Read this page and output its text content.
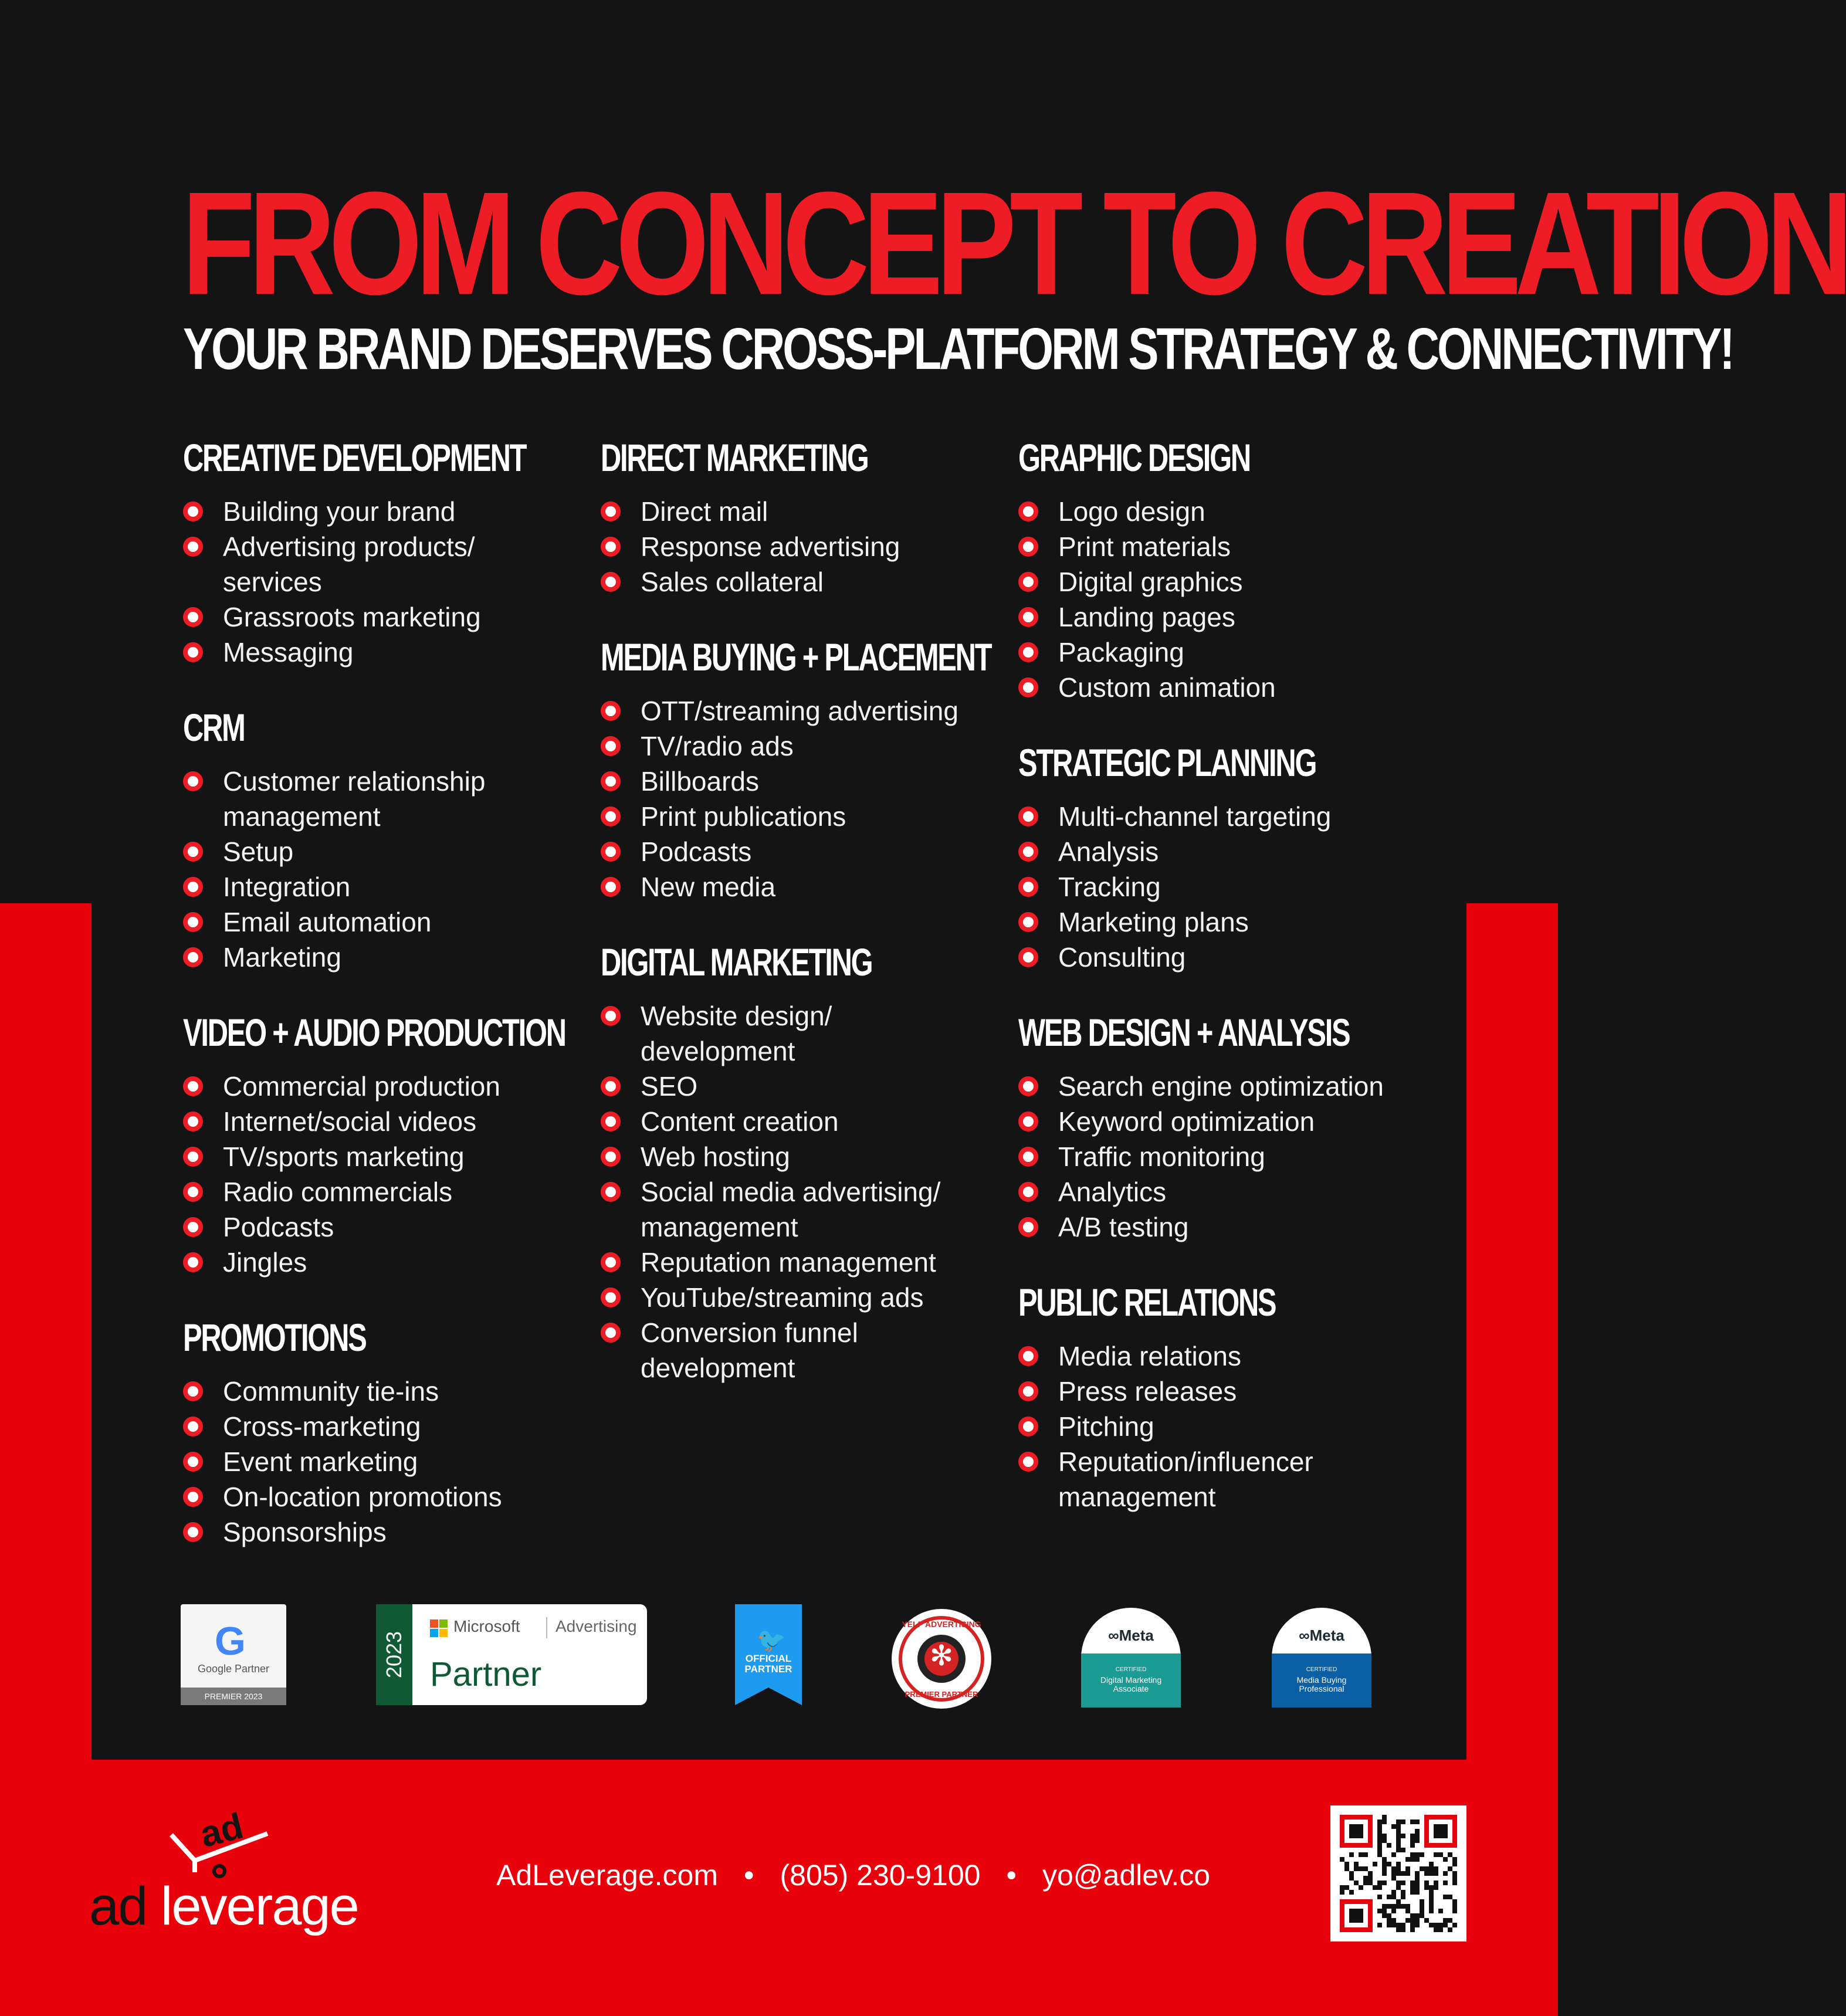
FROM CONCEPT TO CREATION
YOUR BRAND DESERVES CROSS-PLATFORM STRATEGY & CONNECTIVITY!
CREATIVE DEVELOPMENT
Building your brand
Advertising products/ services
Grassroots marketing
Messaging
CRM
Customer relationship management
Setup
Integration
Email automation
Marketing
VIDEO + AUDIO PRODUCTION
Commercial production
Internet/social videos
TV/sports marketing
Radio commercials
Podcasts
Jingles
PROMOTIONS
Community tie-ins
Cross-marketing
Event marketing
On-location promotions
Sponsorships
DIRECT MARKETING
Direct mail
Response advertising
Sales collateral
MEDIA BUYING + PLACEMENT
OTT/streaming advertising
TV/radio ads
Billboards
Print publications
Podcasts
New media
DIGITAL MARKETING
Website design/ development
SEO
Content creation
Web hosting
Social media advertising/ management
Reputation management
YouTube/streaming ads
Conversion funnel development
GRAPHIC DESIGN
Logo design
Print materials
Digital graphics
Landing pages
Packaging
Custom animation
STRATEGIC PLANNING
Multi-channel targeting
Analysis
Tracking
Marketing plans
Consulting
WEB DESIGN + ANALYSIS
Search engine optimization
Keyword optimization
Traffic monitoring
Analytics
A/B testing
PUBLIC RELATIONS
Media relations
Press releases
Pitching
Reputation/influencer management
G
Google Partner
PREMIER 2023
2023
Microsoft Advertising
Partner
🐦
OFFICIAL
PARTNER	✻
YELP ADVERTISING
PREMIER PARTNER
∞Meta
CERTIFIED
Digital Marketing Associate
∞Meta
CERTIFIED
Media Buying Professional
ad
ad leverage
AdLeverage.com • (805) 230-9100 • yo@adlev.co
